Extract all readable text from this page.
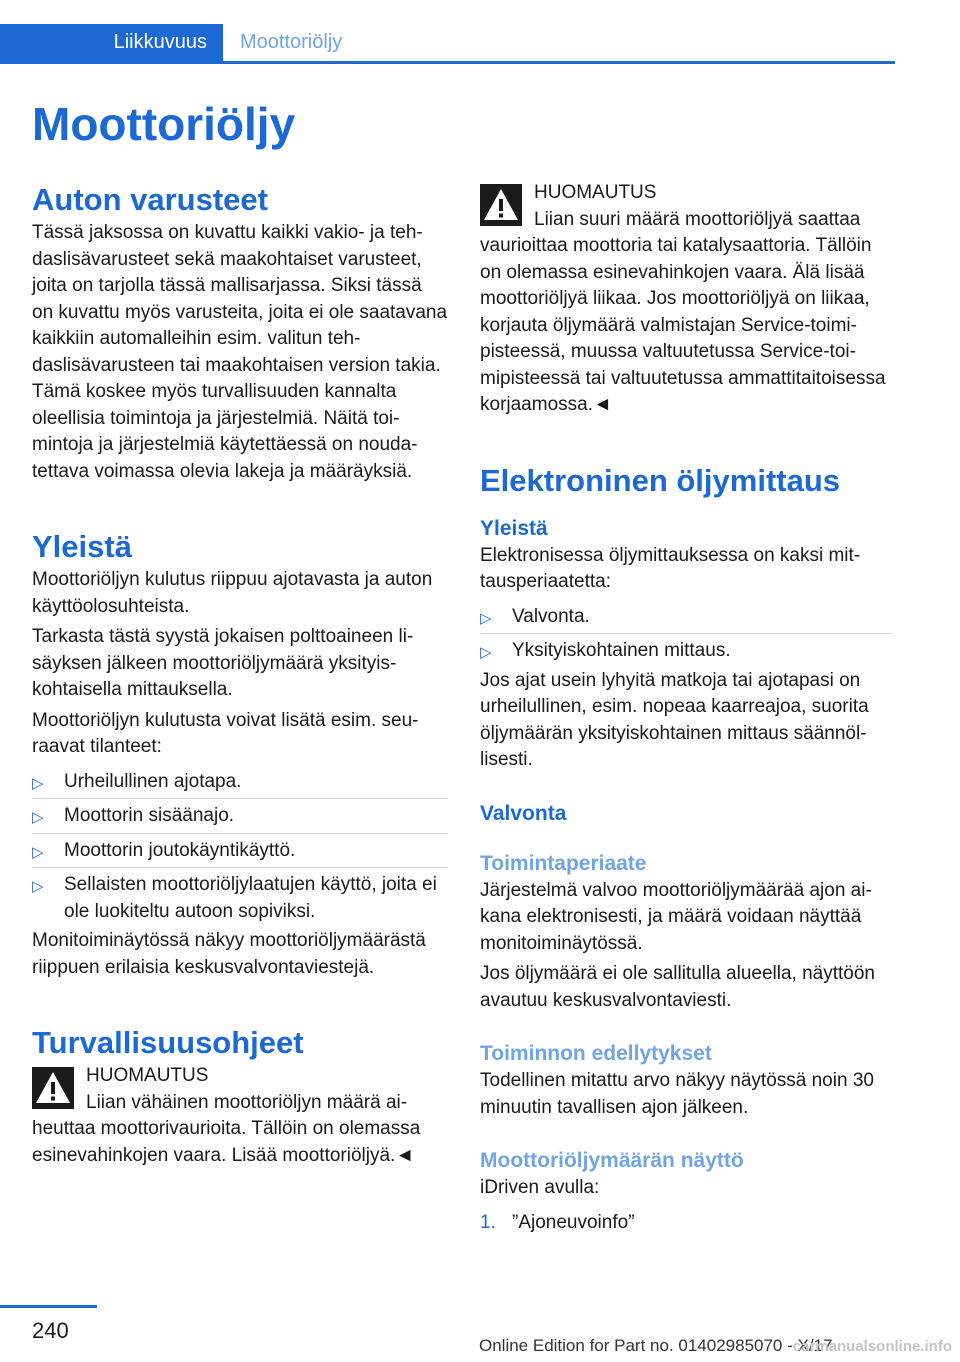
Liikkuvuus	Moottoriöljy
Moottoriöljy
Auton varusteet

Tässä jaksossa on kuvattu kaikki vakio- ja tehdaslisävarusteet sekä maakohtaiset varusteet, joita on tarjolla tässä mallisarjassa. Siksi tässä on kuvattu myös varusteita, joita ei ole saatavana kaikkiin automalleihin esim. valitun tehdaslisävarusteen tai maakohtaisen version takia. Tämä koskee myös turvallisuuden kannalta oleellisia toimintoja ja järjestelmiä. Näitä toimintoja ja järjestelmiä käytettäessä on noudatettava voimassa olevia lakeja ja määräyksiä.

Yleistä

Moottoriöljyn kulutus riippuu ajotavasta ja auton käyttöolosuhteista.

Tarkasta tästä syystä jokaisen polttoaineen lisäyksen jälkeen moottoriöljymäärä yksityiskohtaisella mittauksella.

Moottoriöljyn kulutusta voivat lisätä esim. seuraavat tilanteet:

▷ Urheilullinen ajotapa.
▷ Moottorin sisäänajo.
▷ Moottorin joutokäyntikäyttö.
▷ Sellaisten moottoriöljylaatujen käyttö, joita ei ole luokiteltu autoon sopiviksi.

Monitoiminäytössä näkyy moottoriöljymäärästä riippuen erilaisia keskusvalvontaviestejä.

Turvallisuusohjeet

HUOMAUTUS

Liian vähäinen moottoriöljyn määrä aiheuttaa moottorivaurioita. Tällöin on olemassa esinevahinkojen vaara. Lisää moottoriöljyä.◄

HUOMAUTUS

Liian suuri määrä moottoriöljyä saattaa vaurioittaa moottoria tai katalysaattoria. Tällöin on olemassa esinevahinkojen vaara. Älä lisää moottoriöljyä liikaa. Jos moottoriöljyä on liikaa, korjauta öljymäärä valmistajan Service-toimipisteessä, muussa valtuutetussa Service-toimipisteessä tai valtuutetussa ammattitaitoisessa korjaamossa.◄

Elektroninen öljymittaus
Yleistä

Elektronisessa öljymittauksessa on kaksi mittausperiaatetta:

▷ Valvonta.
▷ Yksityiskohtainen mittaus.

Jos ajat usein lyhyitä matkoja tai ajotapasi on urheilullinen, esim. nopeaa kaarreajoa, suorita öljymäärän yksityiskohtainen mittaus säännöllisesti.

Valvonta
Toimintaperiaate

Järjestelmä valvoo moottoriöljymäärää ajon aikana elektronisesti, ja määrä voidaan näyttää monitoiminäytössä.

Jos öljymäärä ei ole sallitulla alueella, näyttöön avautuu keskusvalvontaviesti.

Toiminnon edellytykset

Todellinen mitattu arvo näkyy näytössä noin 30 minuutin tavallisen ajon jälkeen.

Moottoriöljymäärän näyttö

iDriven avulla:

1. ”Ajoneuvoinfo”
240
Online Edition for Part no. 01402985070 - X/17
carmanualsonline.info
